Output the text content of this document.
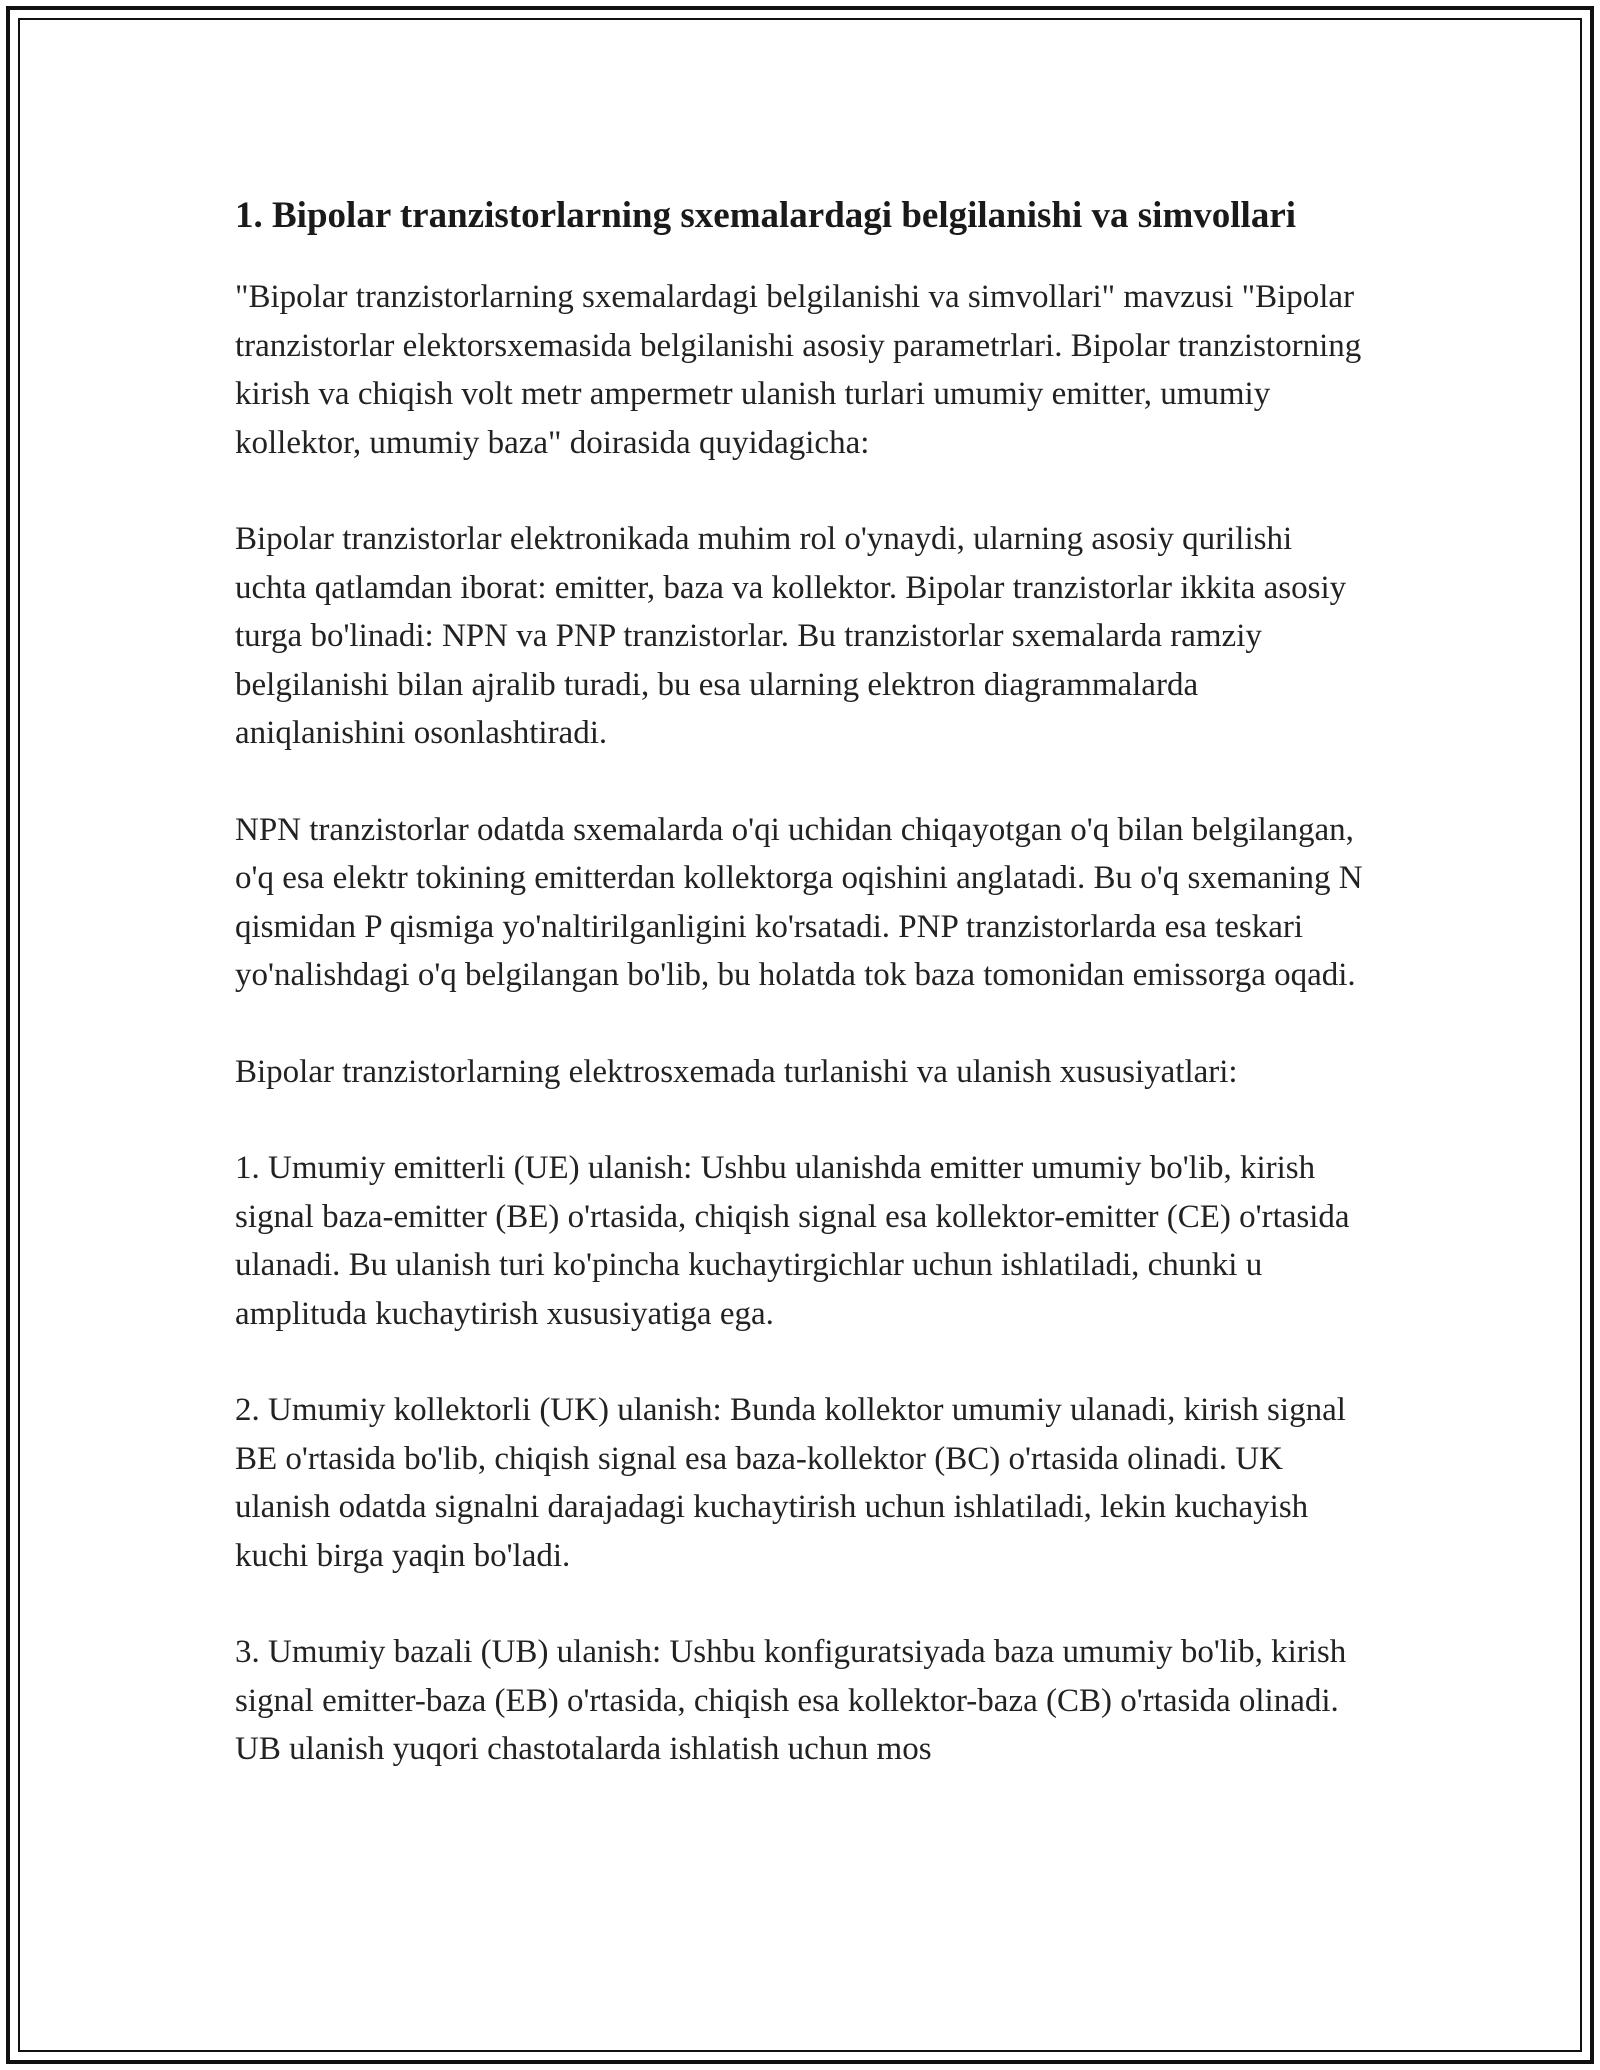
1. Bipolar tranzistorlarning sxemalardagi belgilanishi va simvollari

"Bipolar tranzistorlarning sxemalardagi belgilanishi va simvollari" mavzusi "Bipolar tranzistorlar elektorsxemasida belgilanishi asosiy parametrlari. Bipolar tranzistorning kirish va chiqish volt metr ampermetr ulanish turlari umumiy emitter, umumiy kollektor, umumiy baza" doirasida quyidagicha:

Bipolar tranzistorlar elektronikada muhim rol o'ynaydi, ularning asosiy qurilishi uchta qatlamdan iborat: emitter, baza va kollektor. Bipolar tranzistorlar ikkita asosiy turga bo'linadi: NPN va PNP tranzistorlar. Bu tranzistorlar sxemalarda ramziy belgilanishi bilan ajralib turadi, bu esa ularning elektron diagrammalarda aniqlanishini osonlashtiradi.

NPN tranzistorlar odatda sxemalarda o'qi uchidan chiqayotgan o'q bilan belgilangan, o'q esa elektr tokining emitterdan kollektorga oqishini anglatadi. Bu o'q sxemaning N qismidan P qismiga yo'naltirilganligini ko'rsatadi. PNP tranzistorlarda esa teskari yo'nalishdagi o'q belgilangan bo'lib, bu holatda tok baza tomonidan emissorga oqadi.

Bipolar tranzistorlarning elektrosxemada turlanishi va ulanish xususiyatlari:

1. Umumiy emitterli (UE) ulanish: Ushbu ulanishda emitter umumiy bo'lib, kirish signal baza-emitter (BE) o'rtasida, chiqish signal esa kollektor-emitter (CE) o'rtasida ulanadi. Bu ulanish turi ko'pincha kuchaytirgichlar uchun ishlatiladi, chunki u amplituda kuchaytirish xususiyatiga ega.

2. Umumiy kollektorli (UK) ulanish: Bunda kollektor umumiy ulanadi, kirish signal BE o'rtasida bo'lib, chiqish signal esa baza-kollektor (BC) o'rtasida olinadi. UK ulanish odatda signalni darajadagi kuchaytirish uchun ishlatiladi, lekin kuchayish kuchi birga yaqin bo'ladi.

3. Umumiy bazali (UB) ulanish: Ushbu konfiguratsiyada baza umumiy bo'lib, kirish signal emitter-baza (EB) o'rtasida, chiqish esa kollektor-baza (CB) o'rtasida olinadi. UB ulanish yuqori chastotalarda ishlatish uchun mos
